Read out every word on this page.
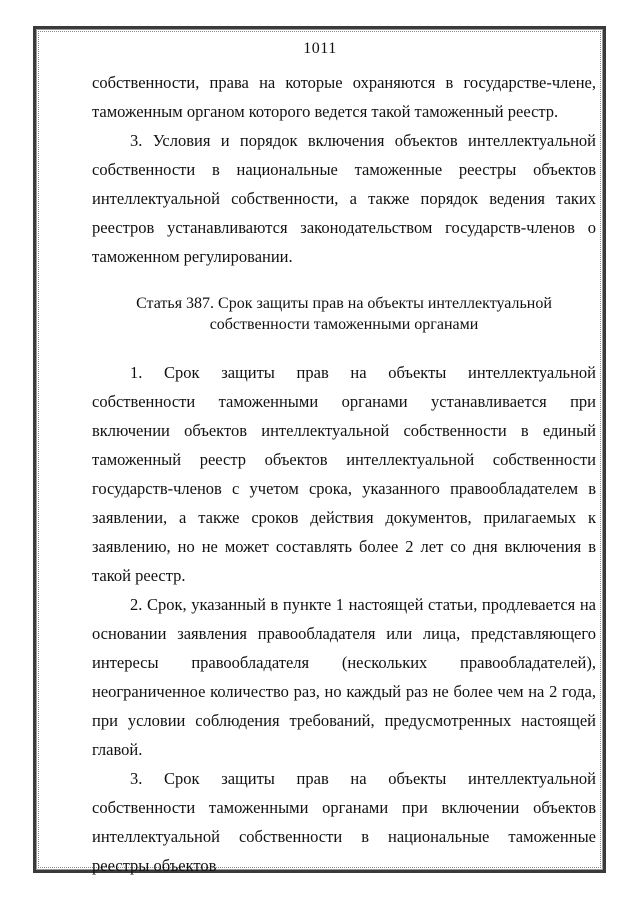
1011

собственности, права на которые охраняются в государстве-члене, таможенным органом которого ведется такой таможенный реестр.

3. Условия и порядок включения объектов интеллектуальной собственности в национальные таможенные реестры объектов интеллектуальной собственности, а также порядок ведения таких реестров устанавливаются законодательством государств-членов о таможенном регулировании.

Статья 387. Срок защиты прав на объекты интеллектуальной

собственности таможенными органами

1. Срок защиты прав на объекты интеллектуальной собственности таможенными органами устанавливается при включении объектов интеллектуальной собственности в единый таможенный реестр объектов интеллектуальной собственности государств-членов с учетом срока, указанного правообладателем в заявлении, а также сроков действия документов, прилагаемых к заявлению, но не может составлять более 2 лет со дня включения в такой реестр.

2. Срок, указанный в пункте 1 настоящей статьи, продлевается на основании заявления правообладателя или лица, представляющего интересы правообладателя (нескольких правообладателей), неограниченное количество раз, но каждый раз не более чем на 2 года, при условии соблюдения требований, предусмотренных настоящей главой.

3. Срок защиты прав на объекты интеллектуальной собственности таможенными органами при включении объектов интеллектуальной собственности в национальные таможенные реестры объектов
